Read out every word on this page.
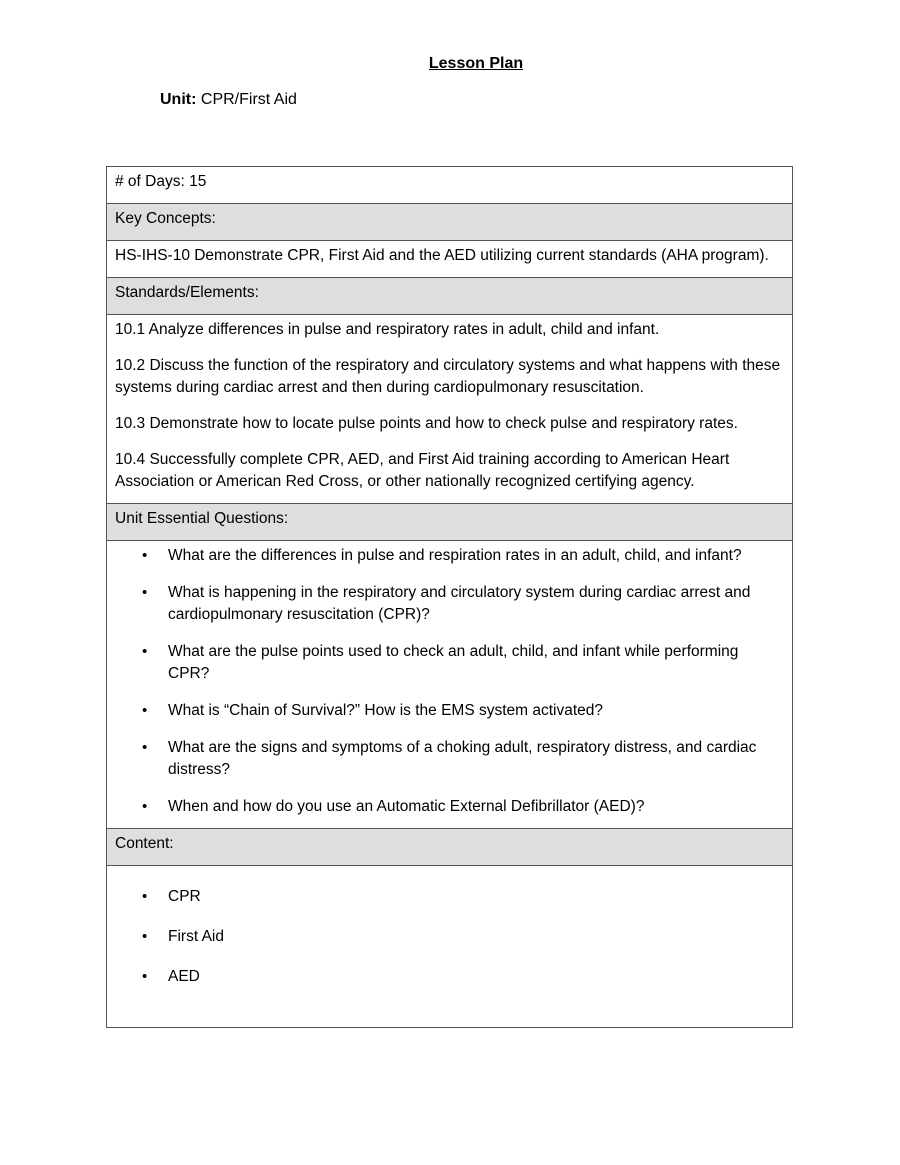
Lesson Plan
Unit: CPR/First Aid
# of Days: 15
Key Concepts:
HS-IHS-10 Demonstrate CPR, First Aid and the AED utilizing current standards (AHA program).
Standards/Elements:

10.1 Analyze differences in pulse and respiratory rates in adult, child and infant.

10.2 Discuss the function of the respiratory and circulatory systems and what happens with these systems during cardiac arrest and then during cardiopulmonary resuscitation.

10.3 Demonstrate how to locate pulse points and how to check pulse and respiratory rates.

10.4 Successfully complete CPR, AED, and First Aid training according to American Heart Association or American Red Cross, or other nationally recognized certifying agency.

Unit Essential Questions:
• What are the differences in pulse and respiration rates in an adult, child, and infant?
• What is happening in the respiratory and circulatory system during cardiac arrest and cardiopulmonary resuscitation (CPR)?
• What are the pulse points used to check an adult, child, and infant while performing CPR?
• What is “Chain of Survival?” How is the EMS system activated?
• What are the signs and symptoms of a choking adult, respiratory distress, and cardiac distress?
• When and how do you use an Automatic External Defibrillator (AED)?
Content:
• CPR
• First Aid
• AED
